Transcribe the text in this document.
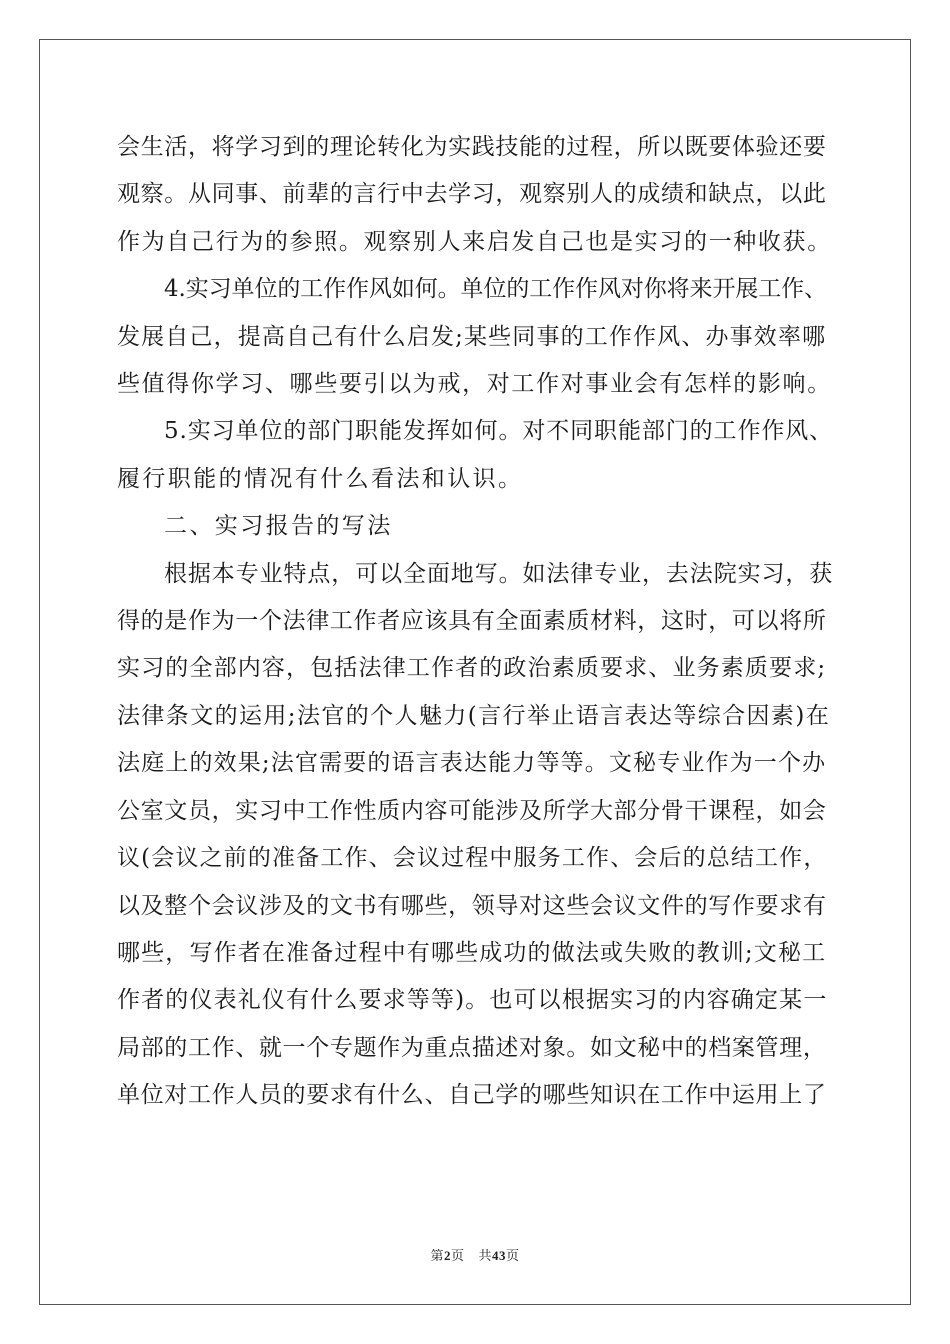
会生活，将学习到的理论转化为实践技能的过程，所以既要体验还要

观察。从同事、前辈的言行中去学习，观察别人的成绩和缺点，以此

作为自己行为的参照。观察别人来启发自己也是实习的一种收获。

4.实习单位的工作作风如何。单位的工作作风对你将来开展工作、

发展自己，提高自己有什么启发;某些同事的工作作风、办事效率哪

些值得你学习、哪些要引以为戒，对工作对事业会有怎样的影响。

5.实习单位的部门职能发挥如何。对不同职能部门的工作作风、

履行职能的情况有什么看法和认识。

二、实习报告的写法

根据本专业特点，可以全面地写。如法律专业，去法院实习，获

得的是作为一个法律工作者应该具有全面素质材料，这时，可以将所

实习的全部内容，包括法律工作者的政治素质要求、业务素质要求;

法律条文的运用;法官的个人魅力(言行举止语言表达等综合因素)在

法庭上的效果;法官需要的语言表达能力等等。文秘专业作为一个办

公室文员，实习中工作性质内容可能涉及所学大部分骨干课程，如会

议(会议之前的准备工作、会议过程中服务工作、会后的总结工作，

以及整个会议涉及的文书有哪些，领导对这些会议文件的写作要求有

哪些，写作者在准备过程中有哪些成功的做法或失败的教训;文秘工

作者的仪表礼仪有什么要求等等)。也可以根据实习的内容确定某一

局部的工作、就一个专题作为重点描述对象。如文秘中的档案管理，

单位对工作人员的要求有什么、自己学的哪些知识在工作中运用上了

第2页 共43页
